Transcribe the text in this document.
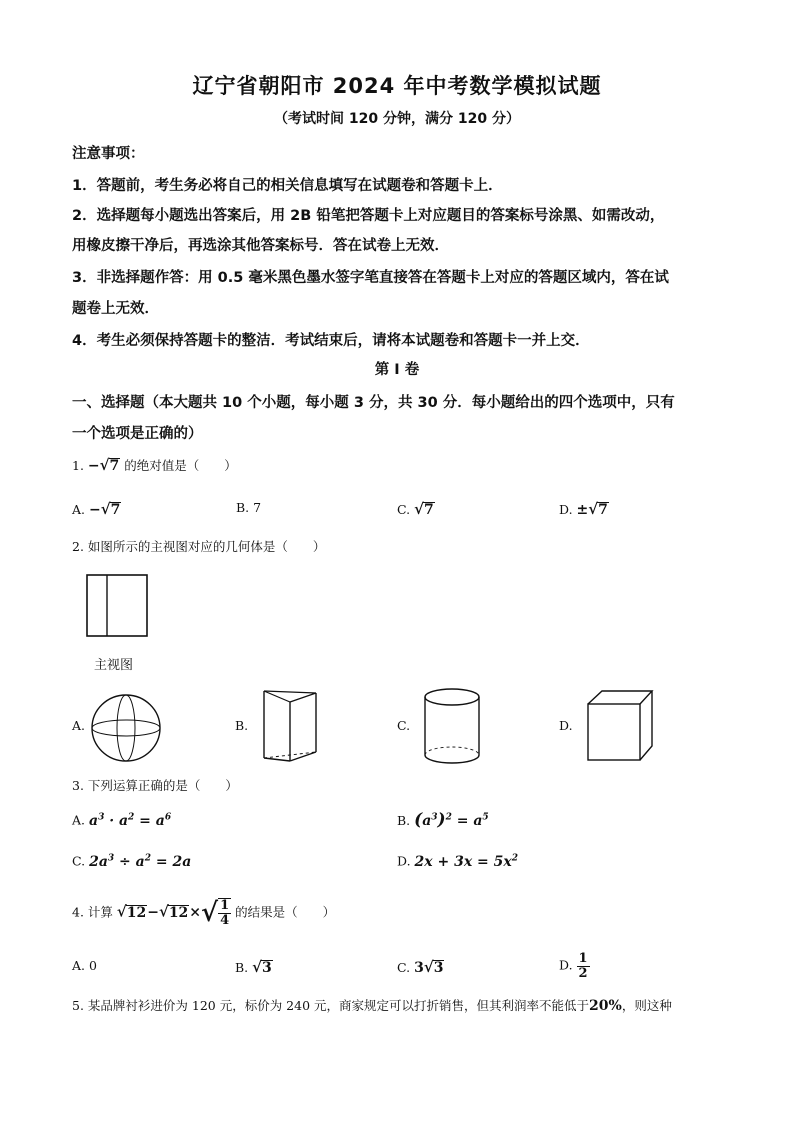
辽宁省朝阳市 2024 年中考数学模拟试题
（考试时间 120 分钟，满分 120 分）
注意事项：
1．答题前，考生务必将自己的相关信息填写在试题卷和答题卡上．
2．选择题每小题选出答案后，用 2B 铅笔把答题卡上对应题目的答案标号涂黑、如需改动，
用橡皮擦干净后，再选涂其他答案标号．答在试卷上无效．
3．非选择题作答：用 0.5 毫米黑色墨水签字笔直接答在答题卡上对应的答题区域内，答在试
题卷上无效．
4．考生必须保持答题卡的整洁．考试结束后，请将本试题卷和答题卡一并上交．
第 I 卷
一、选择题（本大题共 10 个小题，每小题 3 分，共 30 分．每小题给出的四个选项中，只有
一个选项是正确的）
1. −√7 的绝对值是（　　）
A. −√7	B. 7	C. √7	D. ±√7
2. 如图所示的主视图对应的几何体是（　　）
主视图
A.	B.	C.	D.
3. 下列运算正确的是（　　）
A. $a^3 \cdot a^2 = a^6$	B. $(a^3)^2 = a^5$
C. $2a^3 \div a^2 = 2a$	D. $2x + 3x = 5x^2$
4. 计算 $√12-√12\times√ \frac{1}{4}$ 的结果是（　　）
A. 0	B. √3	C. 3√3	D. $\frac{1}{2}$
5. 某品牌衬衫进价为 120 元，标价为 240 元，商家规定可以打折销售，但其利润率不能低于20%，则这种
